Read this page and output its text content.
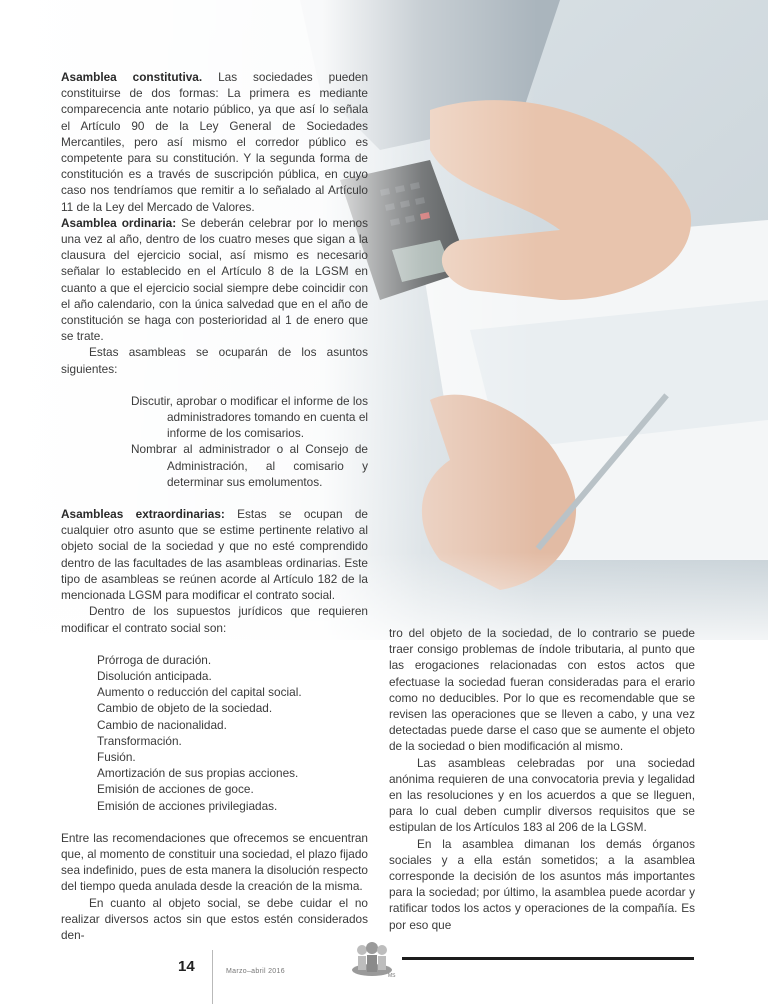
Asamblea constitutiva. Las sociedades pueden constituirse de dos formas: La primera es mediante comparecencia ante notario público, ya que así lo señala el Artículo 90 de la Ley General de Sociedades Mercantiles, pero así mismo el corredor público es competente para su constitución. Y la segunda forma de constitución es a través de suscripción pública, en cuyo caso nos tendríamos que remitir a lo señalado al Artículo 11 de la Ley del Mercado de Valores.

Asamblea ordinaria: Se deberán celebrar por lo menos una vez al año, dentro de los cuatro meses que sigan a la clausura del ejercicio social, así mismo es necesario señalar lo establecido en el Artículo 8 de la LGSM en cuanto a que el ejercicio social siempre debe coincidir con el año calendario, con la única salvedad que en el año de constitución se haga con posterioridad al 1 de enero que se trate.

Estas asambleas se ocuparán de los asuntos siguientes:

Discutir, aprobar o modificar el informe de los administradores tomando en cuenta el informe de los comisarios.
Nombrar al administrador o al Consejo de Administración, al comisario y determinar sus emolumentos.

Asambleas extraordinarias: Estas se ocupan de cualquier otro asunto que se estime pertinente relativo al objeto social de la sociedad y que no esté comprendido dentro de las facultades de las asambleas ordinarias. Este tipo de asambleas se reúnen acorde al Artículo 182 de la mencionada LGSM para modificar el contrato social.

Dentro de los supuestos jurídicos que requieren modificar el contrato social son:

Prórroga de duración.
Disolución anticipada.
Aumento o reducción del capital social.
Cambio de objeto de la sociedad.
Cambio de nacionalidad.
Transformación.
Fusión.
Amortización de sus propias acciones.
Emisión de acciones de goce.
Emisión de acciones privilegiadas.

Entre las recomendaciones que ofrecemos se encuentran que, al momento de constituir una sociedad, el plazo fijado sea indefinido, pues de esta manera la disolución respecto del tiempo queda anulada desde la creación de la misma.

En cuanto al objeto social, se debe cuidar el no realizar diversos actos sin que estos estén considerados den-

tro del objeto de la sociedad, de lo contrario se puede traer consigo problemas de índole tributaria, al punto que las erogaciones relacionadas con estos actos que efectuase la sociedad fueran consideradas para el erario como no deducibles. Por lo que es recomendable que se revisen las operaciones que se lleven a cabo, y una vez detectadas puede darse el caso que se aumente el objeto de la sociedad o bien modificación al mismo.

Las asambleas celebradas por una sociedad anónima requieren de una convocatoria previa y legalidad en las resoluciones y en los acuerdos a que se lleguen, para lo cual deben cumplir diversos requisitos que se estipulan de los Artículos 183 al 206 de la LGSM.

En la asamblea dimanan los demás órganos sociales y a ella están sometidos; a la asamblea corresponde la decisión de los asuntos más importantes para la sociedad; por último, la asamblea puede acordar y ratificar todos los actos y operaciones de la compañía. Es por eso que

14	Marzo–abril 2016
MS
